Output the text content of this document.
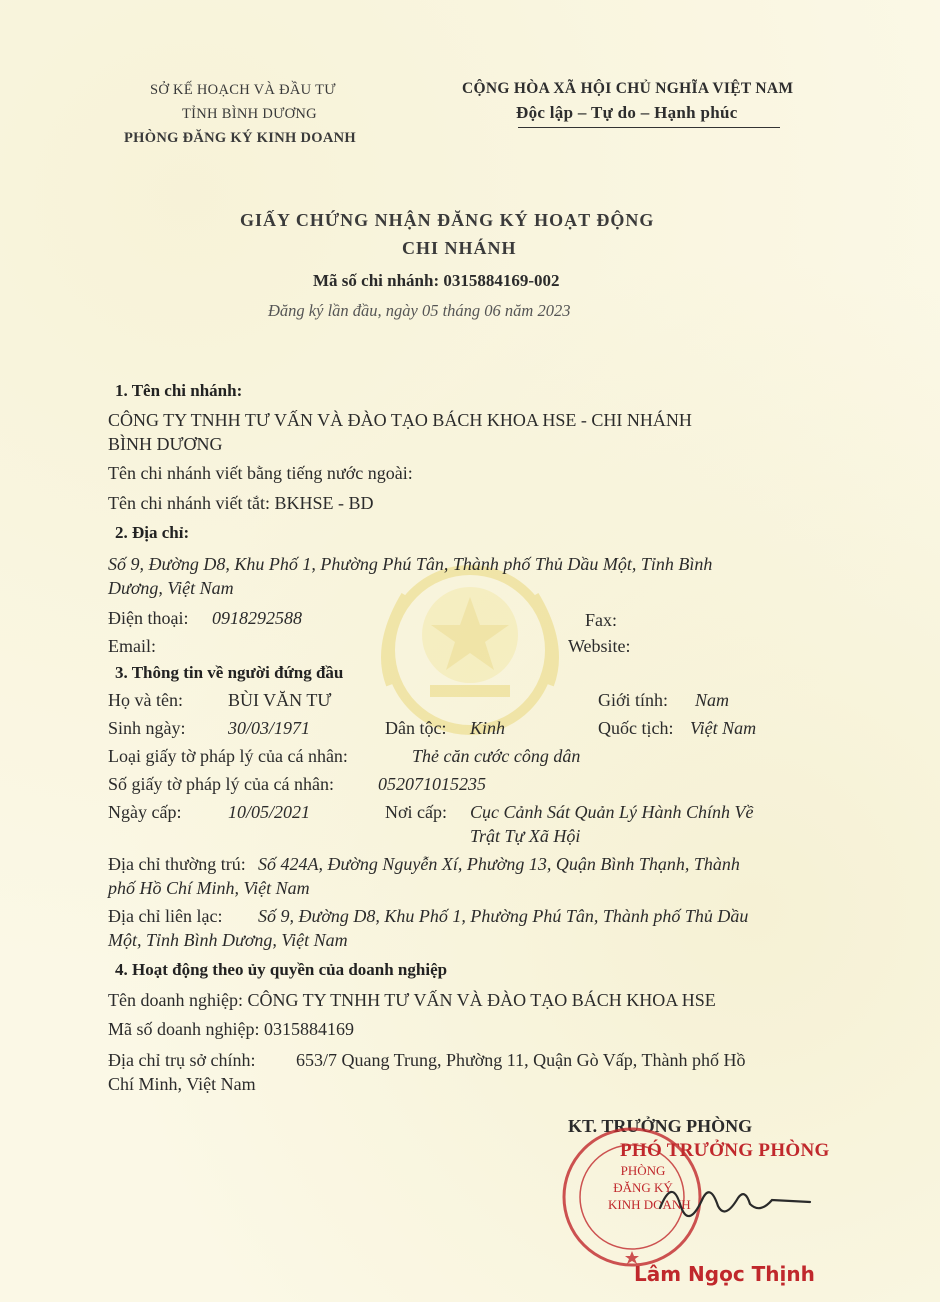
SỞ KẾ HOẠCH VÀ ĐẦU TƯ
TỈNH BÌNH DƯƠNG
PHÒNG ĐĂNG KÝ KINH DOANH
CỘNG HÒA XÃ HỘI CHỦ NGHĨA VIỆT NAM
Độc lập – Tự do – Hạnh phúc
GIẤY CHỨNG NHẬN ĐĂNG KÝ HOẠT ĐỘNG
CHI NHÁNH
Mã số chi nhánh: 0315884169-002
Đăng ký lần đầu, ngày 05 tháng 06 năm 2023
1. Tên chi nhánh:
CÔNG TY TNHH TƯ VẤN VÀ ĐÀO TẠO BÁCH KHOA HSE - CHI NHÁNH
BÌNH DƯƠNG
Tên chi nhánh viết bằng tiếng nước ngoài:
Tên chi nhánh viết tắt: BKHSE - BD
2. Địa chỉ:
Số 9, Đường D8, Khu Phố 1, Phường Phú Tân, Thành phố Thủ Dầu Một, Tỉnh Bình
Dương, Việt Nam
Điện thoại: 0918292588	Fax:
Email:	Website:
3. Thông tin về người đứng đầu
Họ và tên:	BÙI VĂN TƯ	Giới tính: Nam
Sinh ngày: 30/03/1971	Dân tộc: Kinh	Quốc tịch: Việt Nam
Loại giấy tờ pháp lý của cá nhân:	Thẻ căn cước công dân
Số giấy tờ pháp lý của cá nhân: 052071015235
Ngày cấp:	10/05/2021	Nơi cấp: Cục Cảnh Sát Quản Lý Hành Chính Về
Trật Tự Xã Hội
Địa chỉ thường trú: Số 424A, Đường Nguyễn Xí, Phường 13, Quận Bình Thạnh, Thành
phố Hồ Chí Minh, Việt Nam
Địa chỉ liên lạc: Số 9, Đường D8, Khu Phố 1, Phường Phú Tân, Thành phố Thủ Dầu
Một, Tỉnh Bình Dương, Việt Nam
4. Hoạt động theo ủy quyền của doanh nghiệp
Tên doanh nghiệp: CÔNG TY TNHH TƯ VẤN VÀ ĐÀO TẠO BÁCH KHOA HSE
Mã số doanh nghiệp: 0315884169
Địa chỉ trụ sở chính: 653/7 Quang Trung, Phường 11, Quận Gò Vấp, Thành phố Hồ
Chí Minh, Việt Nam
KT. TRƯỞNG PHÒNG
PHÓ TRƯỞNG PHÒNG
PHÒNG
ĐĂNG KÝ
KINH DOANH
Lâm Ngọc Thịnh
